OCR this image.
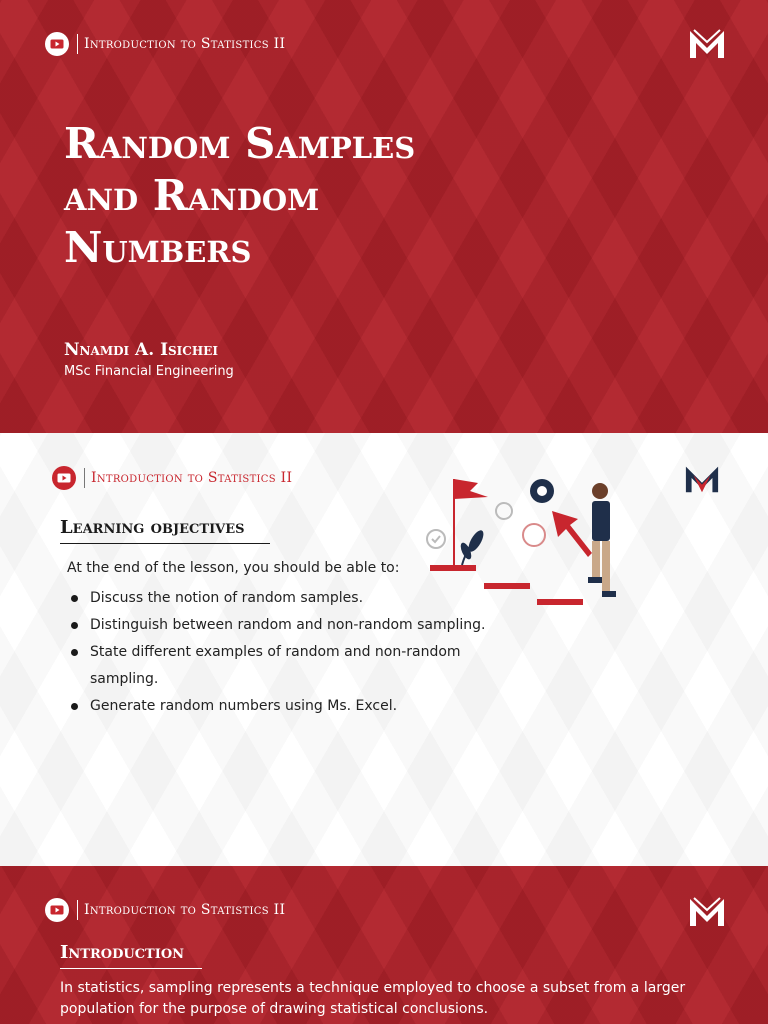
Introduction to Statistics II
Random Samples
and Random
Numbers

Nnamdi A. Isichei

MSc Financial Engineering

Introduction to Statistics II
Learning objectives

At the end of the lesson, you should be able to:

Discuss the notion of random samples.
Distinguish between random and non-random sampling.
State different examples of random and non-random sampling.
Generate random numbers using Ms. Excel.
Introduction to Statistics II
Introduction

In statistics, sampling represents a technique employed to choose a subset from a larger population for the purpose of drawing statistical conclusions.
